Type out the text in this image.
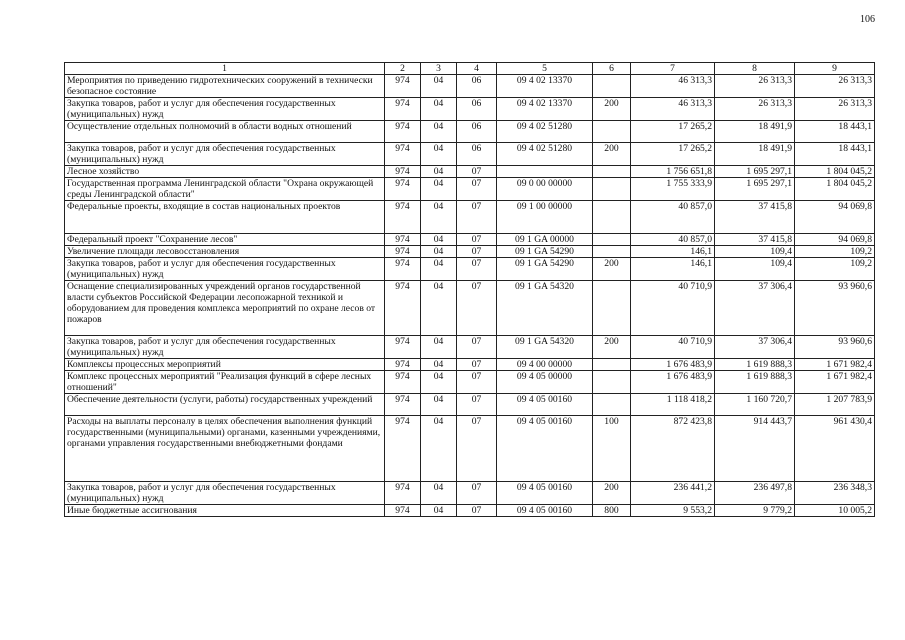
106
1	2	3	4	5	6	7	8	9
Мероприятия по приведению гидротехнических сооружений в технически безопасное состояние	974	04	06	09 4 02 13370		46 313,3	26 313,3	26 313,3
Закупка товаров, работ и услуг для обеспечения государственных (муниципальных) нужд	974	04	06	09 4 02 13370	200	46 313,3	26 313,3	26 313,3
Осуществление отдельных полномочий в области водных отношений	974	04	06	09 4 02 51280		17 265,2	18 491,9	18 443,1
Закупка товаров, работ и услуг для обеспечения государственных (муниципальных) нужд	974	04	06	09 4 02 51280	200	17 265,2	18 491,9	18 443,1
Лесное хозяйство	974	04	07			1 756 651,8	1 695 297,1	1 804 045,2
Государственная программа Ленинградской области "Охрана окружающей среды Ленинградской области"	974	04	07	09 0 00 00000		1 755 333,9	1 695 297,1	1 804 045,2
Федеральные проекты, входящие в состав национальных проектов	974	04	07	09 1 00 00000		40 857,0	37 415,8	94 069,8
Федеральный проект "Сохранение лесов"	974	04	07	09 1 GA 00000		40 857,0	37 415,8	94 069,8
Увеличение площади лесовосстановления	974	04	07	09 1 GA 54290		146,1	109,4	109,2
Закупка товаров, работ и услуг для обеспечения государственных (муниципальных) нужд	974	04	07	09 1 GA 54290	200	146,1	109,4	109,2
Оснащение специализированных учреждений органов государственной власти субъектов Российской Федерации лесопожарной техникой и оборудованием для проведения комплекса мероприятий по охране лесов от пожаров	974	04	07	09 1 GA 54320		40 710,9	37 306,4	93 960,6
Закупка товаров, работ и услуг для обеспечения государственных (муниципальных) нужд	974	04	07	09 1 GA 54320	200	40 710,9	37 306,4	93 960,6
Комплексы процессных мероприятий	974	04	07	09 4 00 00000		1 676 483,9	1 619 888,3	1 671 982,4
Комплекс процессных мероприятий "Реализация функций в сфере лесных отношений"	974	04	07	09 4 05 00000		1 676 483,9	1 619 888,3	1 671 982,4
Обеспечение деятельности (услуги, работы) государственных учреждений	974	04	07	09 4 05 00160		1 118 418,2	1 160 720,7	1 207 783,9
Расходы на выплаты персоналу в целях обеспечения выполнения функций государственными (муниципальными) органами, казенными учреждениями, органами управления государственными внебюджетными фондами	974	04	07	09 4 05 00160	100	872 423,8	914 443,7	961 430,4
Закупка товаров, работ и услуг для обеспечения государственных (муниципальных) нужд	974	04	07	09 4 05 00160	200	236 441,2	236 497,8	236 348,3
Иные бюджетные ассигнования	974	04	07	09 4 05 00160	800	9 553,2	9 779,2	10 005,2
